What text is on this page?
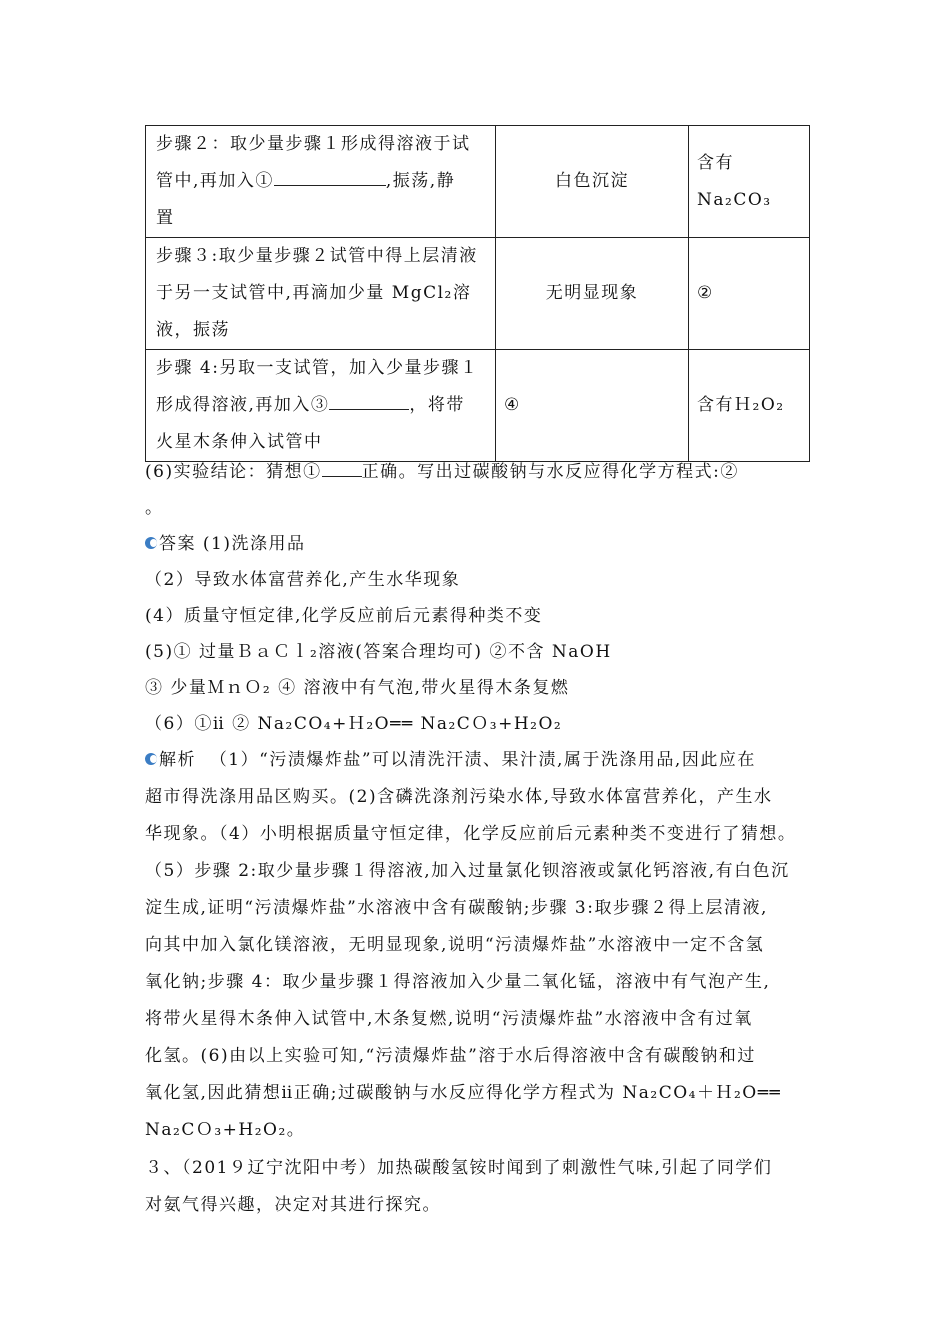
步骤２：取少量步骤１形成得溶液于试
管中,再加入① ,振荡,静
置	白色沉淀	含有 Na₂CO₃

步骤３:取少量步骤２试管中得上层清液
于另一支试管中,再滴加少量 MgCl₂溶
液，振荡	无明显现象	②

步骤 4:另取一支试管，加入少量步骤１
形成得溶液,再加入③ ，将带
火星木条伸入试管中	④	含有Ｈ₂O₂
(6)实验结论：猜想① 正确。写出过碳酸钠与水反应得化学方程式:②
。
答案 (1)洗涤用品
（2）导致水体富营养化,产生水华现象
(4）质量守恒定律,化学反应前后元素得种类不变
(5)① 过量ＢａＣｌ₂溶液(答案合理均可) ②不含 NaOH
③ 少量ＭｎＯ₂ ④ 溶液中有气泡,带火星得木条复燃
（6）①ⅱ ② Na₂CO₄+Ｈ₂O══ Na₂CＯ₃+H₂O₂
解析 （1）“污渍爆炸盐”可以清洗汗渍、果汁渍,属于洗涤用品,因此应在
超市得洗涤用品区购买。(2)含磷洗涤剂污染水体,导致水体富营养化，产生水
华现象。（4）小明根据质量守恒定律，化学反应前后元素种类不变进行了猜想。
（5）步骤 2:取少量步骤１得溶液,加入过量氯化钡溶液或氯化钙溶液,有白色沉
淀生成,证明“污渍爆炸盐”水溶液中含有碳酸钠;步骤 3:取步骤２得上层清液,
向其中加入氯化镁溶液，无明显现象,说明“污渍爆炸盐”水溶液中一定不含氢
氧化钠;步骤 4：取少量步骤１得溶液加入少量二氧化锰，溶液中有气泡产生,
将带火星得木条伸入试管中,木条复燃,说明“污渍爆炸盐”水溶液中含有过氧
化氢。(6)由以上实验可知,“污渍爆炸盐”溶于水后得溶液中含有碳酸钠和过
氧化氢,因此猜想ⅱ正确;过碳酸钠与水反应得化学方程式为 Na₂CO₄＋Ｈ₂O══
Na₂CＯ₃+H₂O₂。
３、（201９辽宁沈阳中考）加热碳酸氢铵时闻到了刺激性气味,引起了同学们
对氨气得兴趣，决定对其进行探究。
